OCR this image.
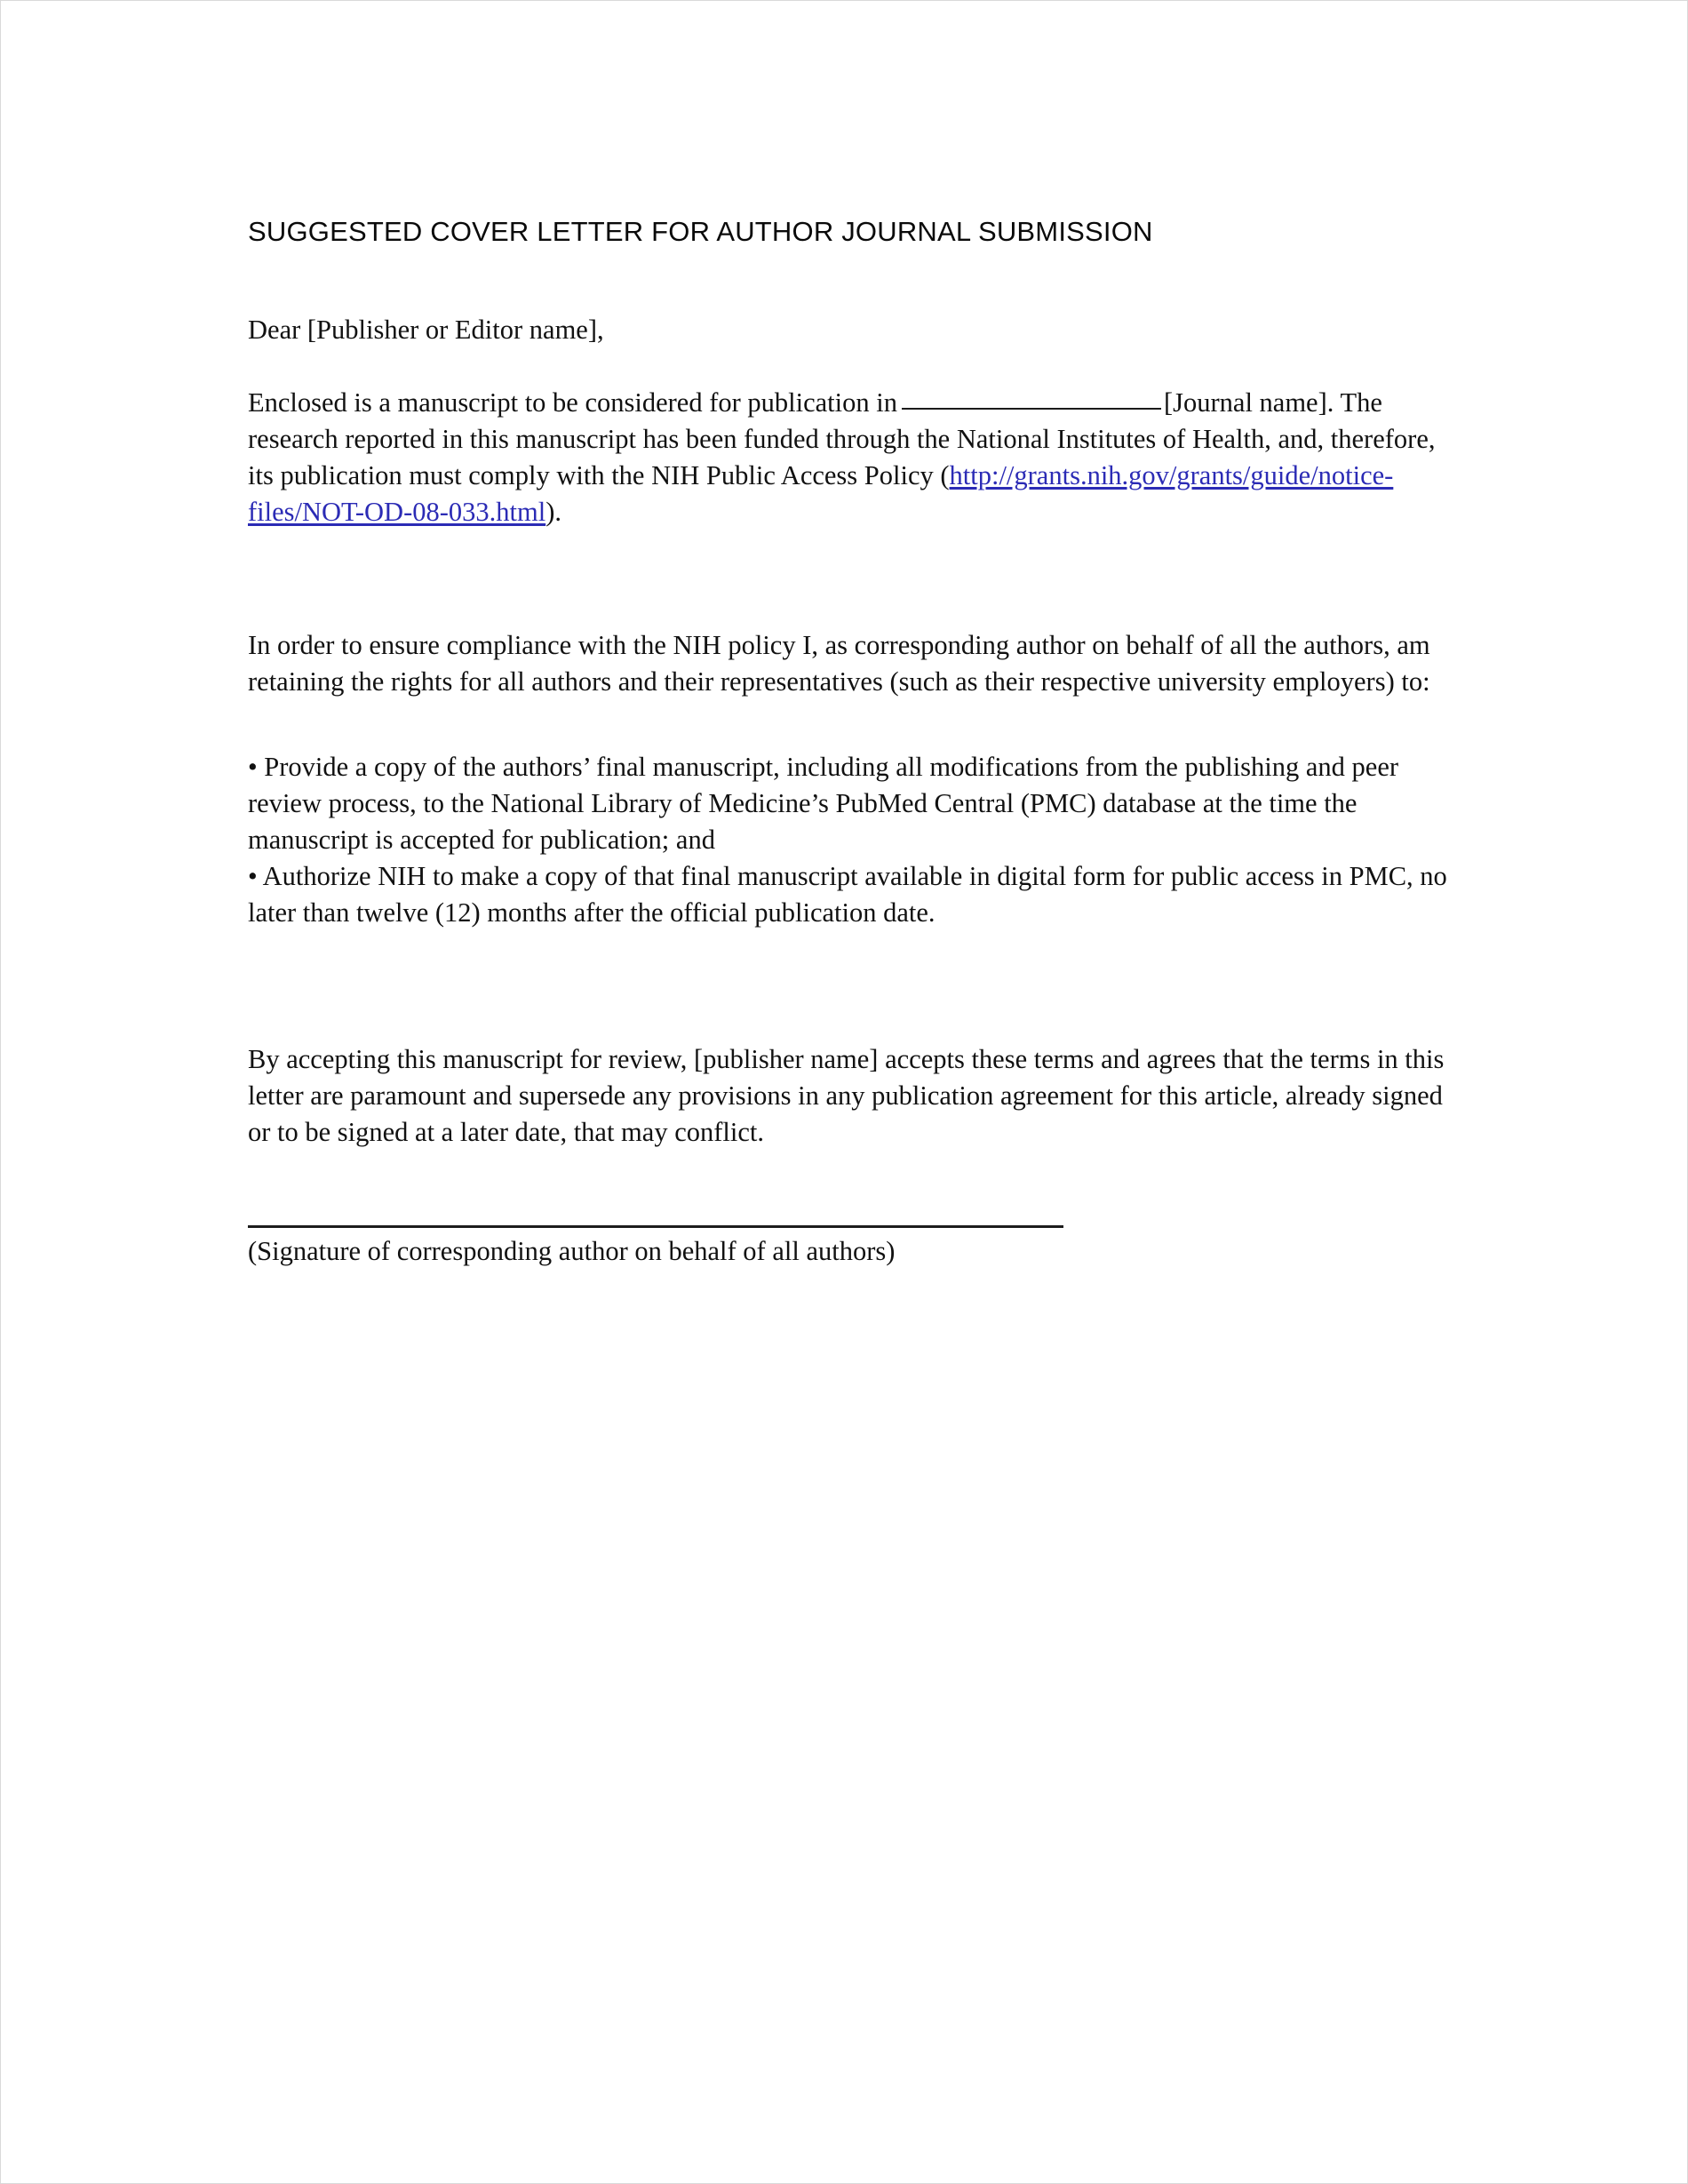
SUGGESTED COVER LETTER FOR AUTHOR JOURNAL SUBMISSION
Dear [Publisher or Editor name],
Enclosed is a manuscript to be considered for publication in	[Journal name]. The research reported in this manuscript has been funded through the National Institutes of Health, and, therefore, its publication must comply with the NIH Public Access Policy (http://grants.nih.gov/grants/guide/notice-files/NOT-OD-08-033.html).
In order to ensure compliance with the NIH policy I, as corresponding author on behalf of all the authors, am retaining the rights for all authors and their representatives (such as their respective university employers) to:
• Provide a copy of the authors’ final manuscript, including all modifications from the publishing and peer review process, to the National Library of Medicine’s PubMed Central (PMC) database at the time the manuscript is accepted for publication; and
• Authorize NIH to make a copy of that final manuscript available in digital form for public access in PMC, no later than twelve (12) months after the official publication date.
By accepting this manuscript for review, [publisher name] accepts these terms and agrees that the terms in this letter are paramount and supersede any provisions in any publication agreement for this article, already signed or to be signed at a later date, that may conflict.
(Signature of corresponding author on behalf of all authors)
